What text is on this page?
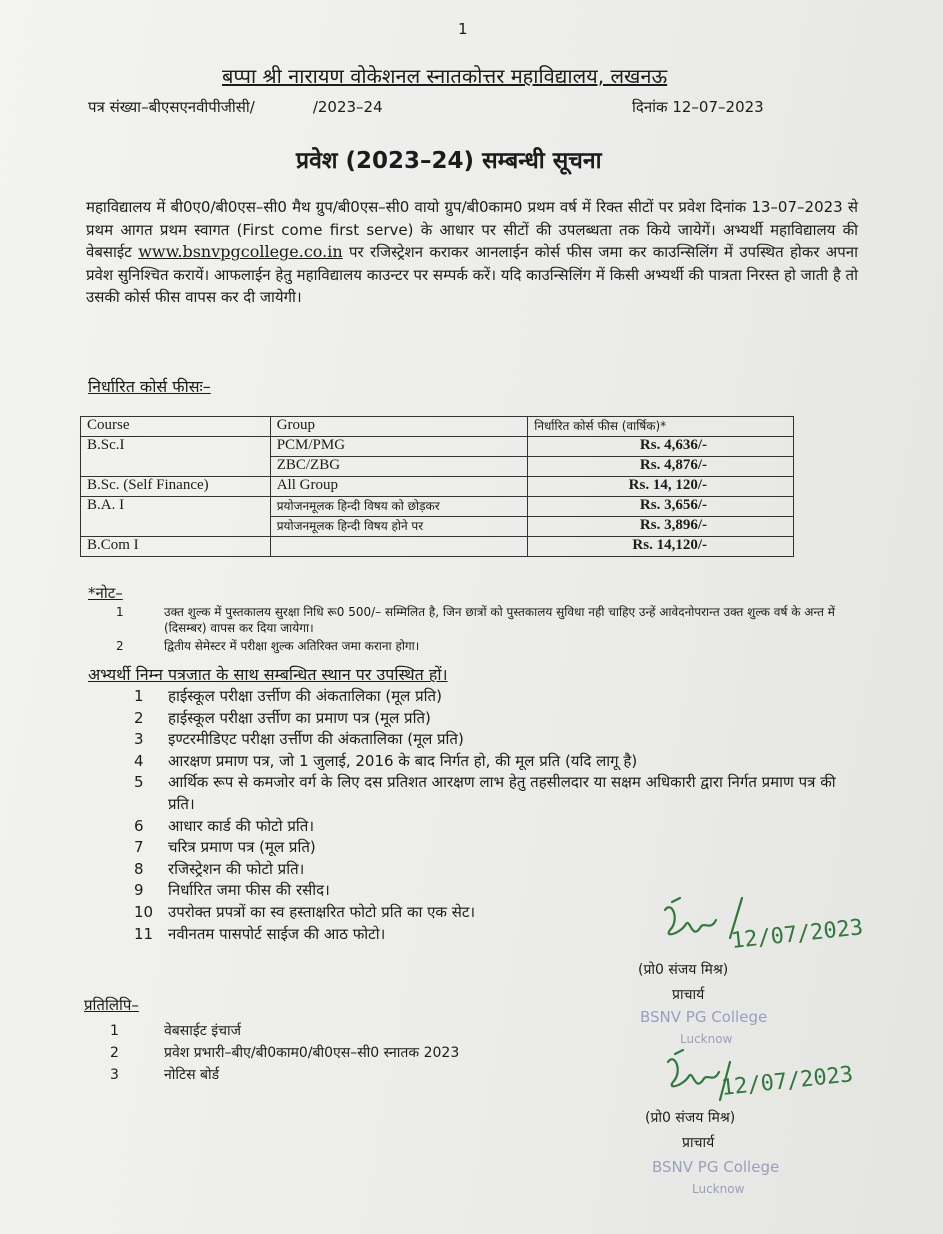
1
बप्पा श्री नारायण वोकेशनल स्नातकोत्तर महाविद्यालय, लखनऊ
पत्र संख्या–बीएसएनवीपीजीसी/	/2023–24	दिनांक 12–07–2023
प्रवेश (2023–24) सम्बन्धी सूचना
महाविद्यालय में बी0ए0/बी0एस–सी0 मैथ ग्रुप/बी0एस–सी0 वायो ग्रुप/बी0काम0 प्रथम वर्ष में रिक्त सीटों पर प्रवेश दिनांक 13–07–2023 से प्रथम आगत प्रथम स्वागत (First come first serve) के आधार पर सीटों की उपलब्धता तक किये जायेगें। अभ्यर्थी महाविद्यालय की वेबसाईट www.bsnvpgcollege.co.in पर रजिस्ट्रेशन कराकर आनलाईन कोर्स फीस जमा कर काउन्सिलिंग में उपस्थित होकर अपना प्रवेश सुनिश्चित करायें। आफलाईन हेतु महाविद्यालय काउन्टर पर सम्पर्क करें। यदि काउन्सिलिंग में किसी अभ्यर्थी की पात्रता निरस्त हो जाती है तो उसकी कोर्स फीस वापस कर दी जायेगी।
निर्धारित कोर्स फीसः–
Course	Group	निर्धारित कोर्स फीस (वार्षिक)*
B.Sc.I	PCM/PMG	Rs. 4,636/-
	ZBC/ZBG	Rs. 4,876/-
B.Sc. (Self Finance)	All Group	Rs. 14, 120/-
B.A. I	प्रयोजनमूलक हिन्दी विषय को छोड़कर	Rs. 3,656/-
	प्रयोजनमूलक हिन्दी विषय होने पर	Rs. 3,896/-
B.Com I		Rs. 14,120/-
*नोट–
1	उक्त शुल्क में पुस्तकालय सुरक्षा निधि रू0 500/– सम्मिलित है, जिन छात्रों को पुस्तकालय सुविधा नही चाहिए उन्हें आवेदनोपरान्त उक्त शुल्क वर्ष के अन्त में (दिसम्बर) वापस कर दिया जायेगा।
2	द्वितीय सेमेस्टर में परीक्षा शुल्क अतिरिक्त जमा कराना होगा।
अभ्यर्थी निम्न पत्रजात के साथ सम्बन्धित स्थान पर उपस्थित हों।
1	हाईस्कूल परीक्षा उर्त्तीण की अंकतालिका (मूल प्रति)
2	हाईस्कूल परीक्षा उर्त्तीण का प्रमाण पत्र (मूल प्रति)
3	इण्टरमीडिएट परीक्षा उर्त्तीण की अंकतालिका (मूल प्रति)
4	आरक्षण प्रमाण पत्र, जो 1 जुलाई, 2016 के बाद निर्गत हो, की मूल प्रति (यदि लागू है)
5	आर्थिक रूप से कमजोर वर्ग के लिए दस प्रतिशत आरक्षण लाभ हेतु तहसीलदार या सक्षम अधिकारी द्वारा निर्गत प्रमाण पत्र की प्रति।
6	आधार कार्ड की फोटो प्रति।
7	चरित्र प्रमाण पत्र (मूल प्रति)
8	रजिस्ट्रेशन की फोटो प्रति।
9	निर्धारित जमा फीस की रसीद।
10 उपरोक्त प्रपत्रों का स्व हस्ताक्षरित फोटो प्रति का एक सेट।
11 नवीनतम पासपोर्ट साईज की आठ फोटो।	12/07/2023
BSNV PG College
Lucknow
12/07/2023
BSNV PG College
Lucknow
(प्रो0 संजय मिश्र)
प्राचार्य
प्रतिलिपि–
1	वेबसाईट इंचार्ज
2	प्रवेश प्रभारी–बीए/बी0काम0/बी0एस–सी0 स्नातक 2023
3	नोटिस बोर्ड
(प्रो0 संजय मिश्र)
प्राचार्य
